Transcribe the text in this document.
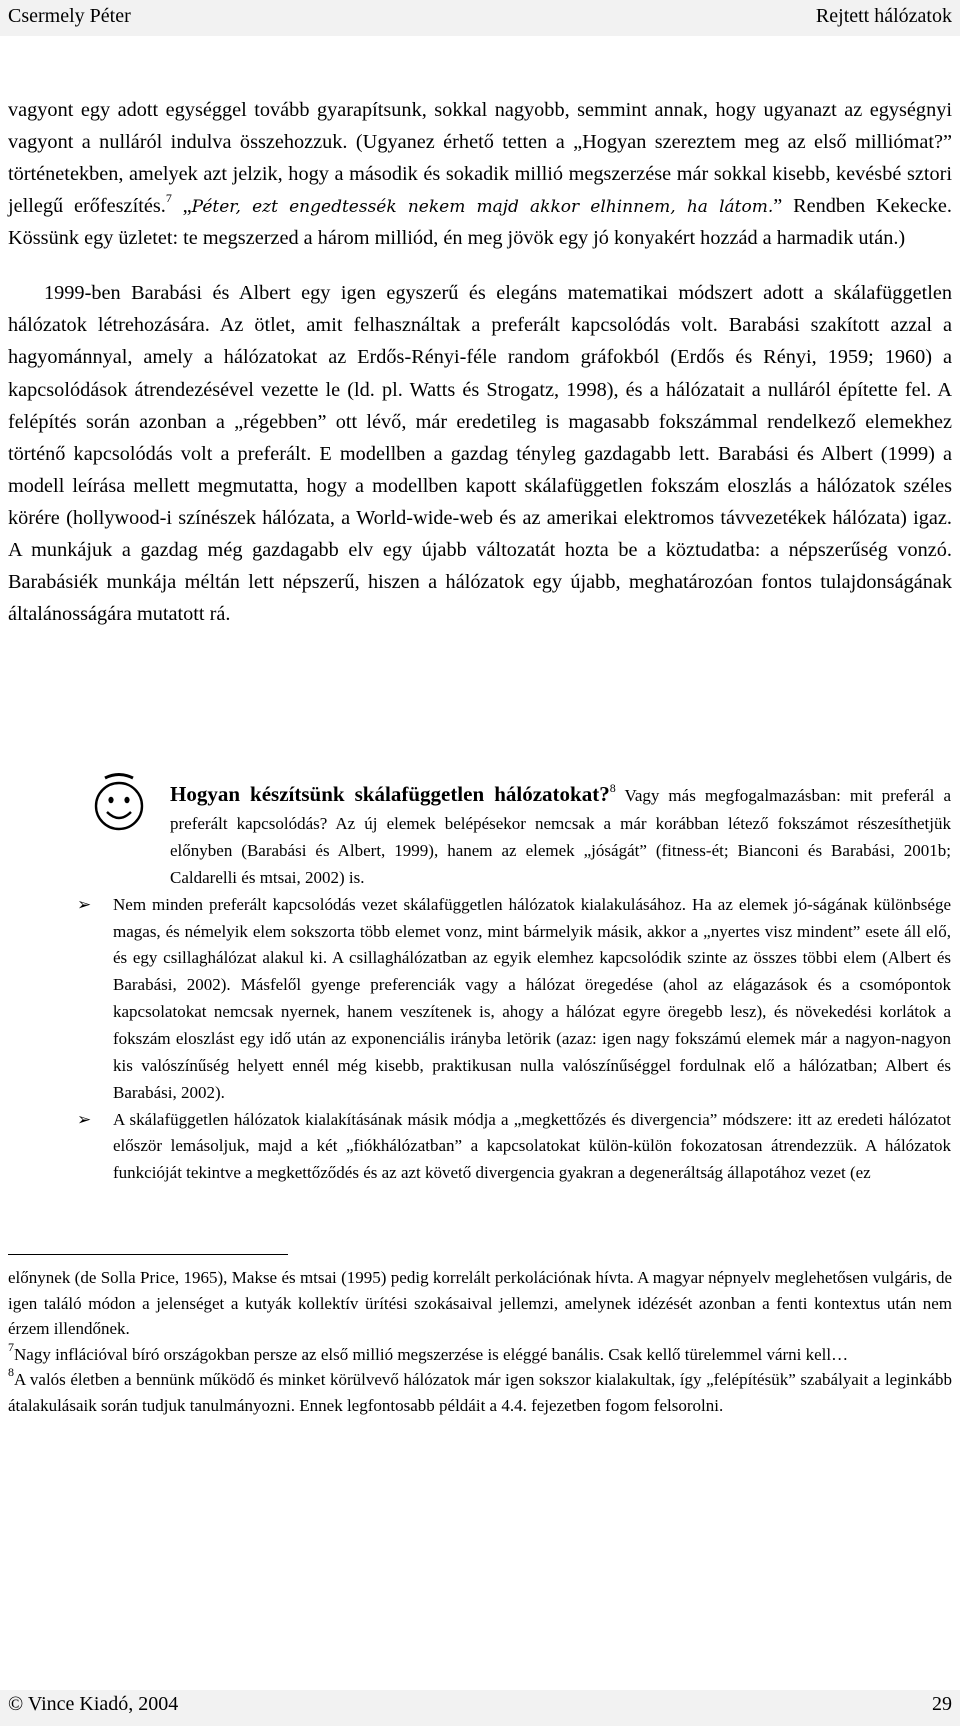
Csermely Péter	Rejtett hálózatok

vagyont egy adott egységgel tovább gyarapítsunk, sokkal nagyobb, semmint annak, hogy ugyanazt az egységnyi vagyont a nulláról indulva összehozzuk. (Ugyanez érhető tetten a „Hogyan szereztem meg az első milliómat?” történetekben, amelyek azt jelzik, hogy a második és sokadik millió megszerzése már sokkal kisebb, kevésbé sztori jellegű erőfeszítés.$^7$ „Péter, ezt engedtessék nekem majd akkor elhinnem, ha látom.” Rendben Kekecke. Kössünk egy üzletet: te megszerzed a három milliód, én meg jövök egy jó konyakért hozzád a harmadik után.)

1999-ben Barabási és Albert egy igen egyszerű és elegáns matematikai módszert adott a skálafüggetlen hálózatok létrehozására. Az ötlet, amit felhasználtak a preferált kapcsolódás volt. Barabási szakított azzal a hagyománnyal, amely a hálózatokat az Erdős-Rényi-féle random gráfokból (Erdős és Rényi, 1959; 1960) a kapcsolódások átrendezésével vezette le (ld. pl. Watts és Strogatz, 1998), és a hálózatait a nulláról építette fel. A felépítés során azonban a „régebben” ott lévő, már eredetileg is magasabb fokszámmal rendelkező elemekhez történő kapcsolódás volt a preferált. E modellben a gazdag tényleg gazdagabb lett. Barabási és Albert (1999) a modell leírása mellett megmutatta, hogy a modellben kapott skálafüggetlen fokszám eloszlás a hálózatok széles körére (hollywood-i színészek hálózata, a World-wide-web és az amerikai elektromos távvezetékek hálózata) igaz. A munkájuk a gazdag még gazdagabb elv egy újabb változatát hozta be a köztudatba: a népszerűség vonzó. Barabásiék munkája méltán lett népszerű, hiszen a hálózatok egy újabb, meghatározóan fontos tulajdonságának általánosságára mutatott rá.

Hogyan készítsünk skálafüggetlen hálózatokat?$^8$ Vagy más megfogalmazásban: mit preferál a preferált kapcsolódás? Az új elemek belépésekor nemcsak a már korábban létező fokszámot részesíthetjük előnyben (Barabási és Albert, 1999), hanem az elemek „jóságát” (fitness-ét; Bianconi és Barabási, 2001b; Caldarelli és mtsai, 2002) is.

➢ Nem minden preferált kapcsolódás vezet skálafüggetlen hálózatok kialakulásához. Ha az elemek jó-ságának különbsége magas, és némelyik elem sokszorta több elemet vonz, mint bármelyik másik, akkor a „nyertes visz mindent” esete áll elő, és egy csillaghálózat alakul ki. A csillaghálózatban az egyik elemhez kapcsolódik szinte az összes többi elem (Albert és Barabási, 2002). Másfelől gyenge preferenciák vagy a hálózat öregedése (ahol az elágazások és a csomópontok kapcsolatokat nemcsak nyernek, hanem veszítenek is, ahogy a hálózat egyre öregebb lesz), és növekedési korlátok a fokszám eloszlást egy idő után az exponenciális irányba letörik (azaz: igen nagy fokszámú elemek már a nagyon-nagyon kis valószínűség helyett ennél még kisebb, praktikusan nulla valószínűséggel fordulnak elő a hálózatban; Albert és Barabási, 2002).
➢ A skálafüggetlen hálózatok kialakításának másik módja a „megkettőzés és divergencia” módszere: itt az eredeti hálózatot először lemásoljuk, majd a két „fiókhálózatban” a kapcsolatokat külön-külön fokozatosan átrendezzük. A hálózatok funkcióját tekintve a megkettőződés és az azt követő divergencia gyakran a degeneráltság állapotához vezet (ez

előnynek (de Solla Price, 1965), Makse és mtsai (1995) pedig korrelált perkolációnak hívta. A magyar népnyelv meglehetősen vulgáris, de igen találó módon a jelenséget a kutyák kollektív ürítési szokásaival jellemzi, amelynek idézését azonban a fenti kontextus után nem érzem illendőnek.

$^7$Nagy inflációval bíró országokban persze az első millió megszerzése is eléggé banális. Csak kellő türelemmel várni kell…

$^8$A valós életben a bennünk működő és minket körülvevő hálózatok már igen sokszor kialakultak, így „felépítésük” szabályait a leginkább átalakulásaik során tudjuk tanulmányozni. Ennek legfontosabb példáit a 4.4. fejezetben fogom felsorolni.

© Vince Kiadó, 2004	29
